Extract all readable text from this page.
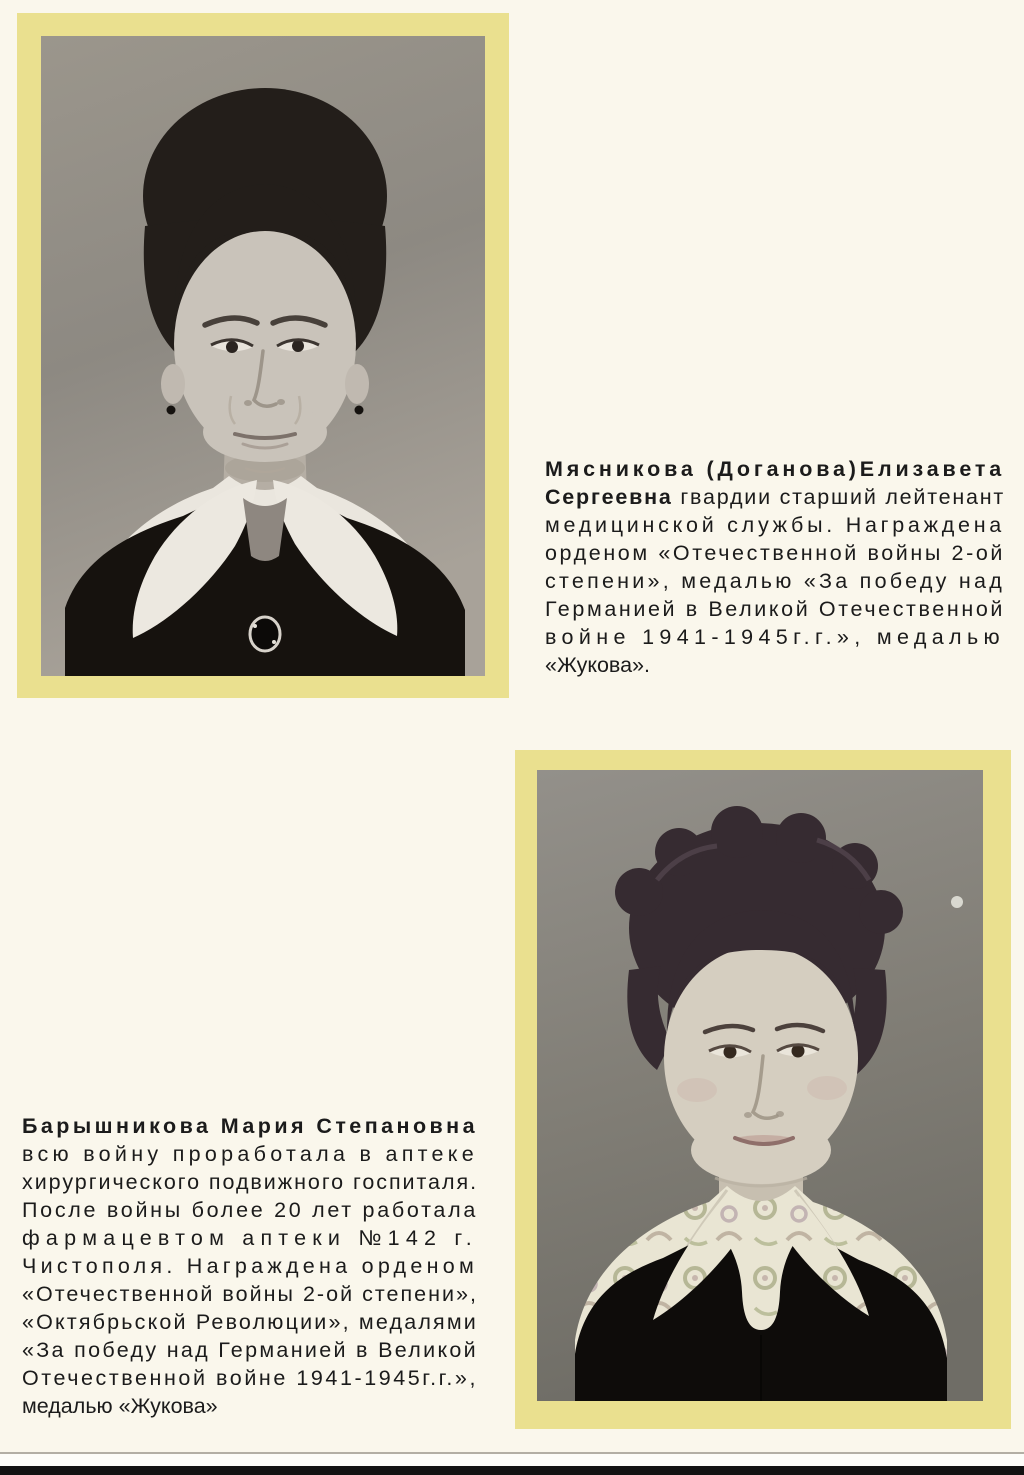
Мясникова (Доганова)Елизавета
Сергеевна гвардии старший лейтенант
медицинской службы. Награждена
орденом «Отечественной войны 2-ой
степени», медалью «За победу над
Германией в Великой Отечественной
войне 1941-1945г.г.», медалью
«Жукова».
Барышникова Мария Степановна
всю войну проработала в аптеке
хирургического подвижного госпиталя.
После войны более 20 лет работала
фармацевтом аптеки №142 г.
Чистополя. Награждена орденом
«Отечественной войны 2-ой степени»,
«Октябрьской Революции», медалями
«За победу над Германией в Великой
Отечественной войне 1941-1945г.г.»,
медалью «Жукова»
